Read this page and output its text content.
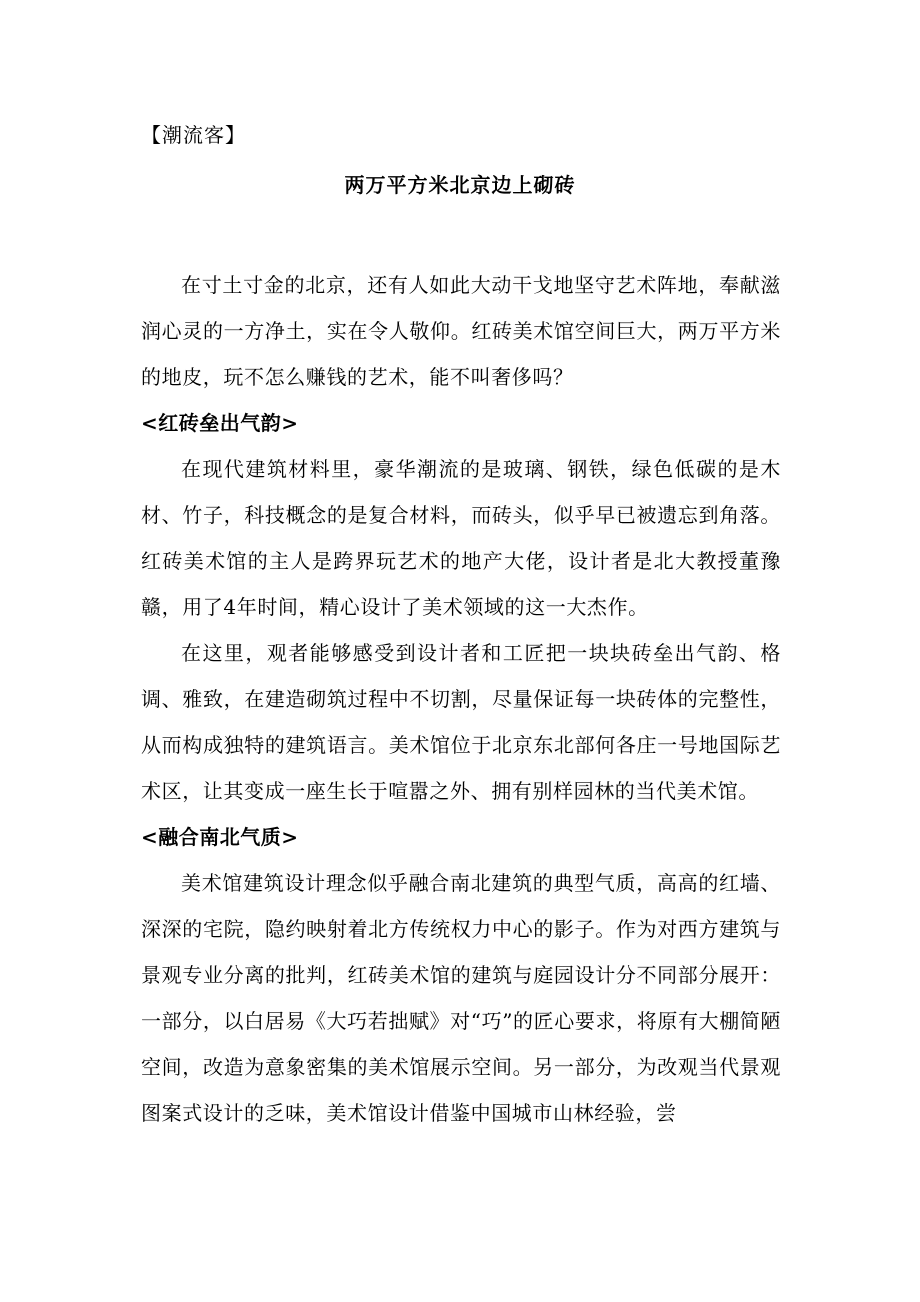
【潮流客】
两万平方米北京边上砌砖

在寸土寸金的北京，还有人如此大动干戈地坚守艺术阵地，奉献滋润心灵的一方净土，实在令人敬仰。红砖美术馆空间巨大，两万平方米的地皮，玩不怎么赚钱的艺术，能不叫奢侈吗？

<红砖垒出气韵>

在现代建筑材料里，豪华潮流的是玻璃、钢铁，绿色低碳的是木材、竹子，科技概念的是复合材料，而砖头，似乎早已被遗忘到角落。红砖美术馆的主人是跨界玩艺术的地产大佬，设计者是北大教授董豫赣，用了4年时间，精心设计了美术领域的这一大杰作。

在这里，观者能够感受到设计者和工匠把一块块砖垒出气韵、格调、雅致，在建造砌筑过程中不切割，尽量保证每一块砖体的完整性，从而构成独特的建筑语言。美术馆位于北京东北部何各庄一号地国际艺术区，让其变成一座生长于喧嚣之外、拥有别样园林的当代美术馆。

<融合南北气质>

美术馆建筑设计理念似乎融合南北建筑的典型气质，高高的红墙、深深的宅院，隐约映射着北方传统权力中心的影子。作为对西方建筑与景观专业分离的批判，红砖美术馆的建筑与庭园设计分不同部分展开：一部分，以白居易《大巧若拙赋》对“巧”的匠心要求，将原有大棚简陋空间，改造为意象密集的美术馆展示空间。另一部分，为改观当代景观图案式设计的乏味，美术馆设计借鉴中国城市山林经验，尝
